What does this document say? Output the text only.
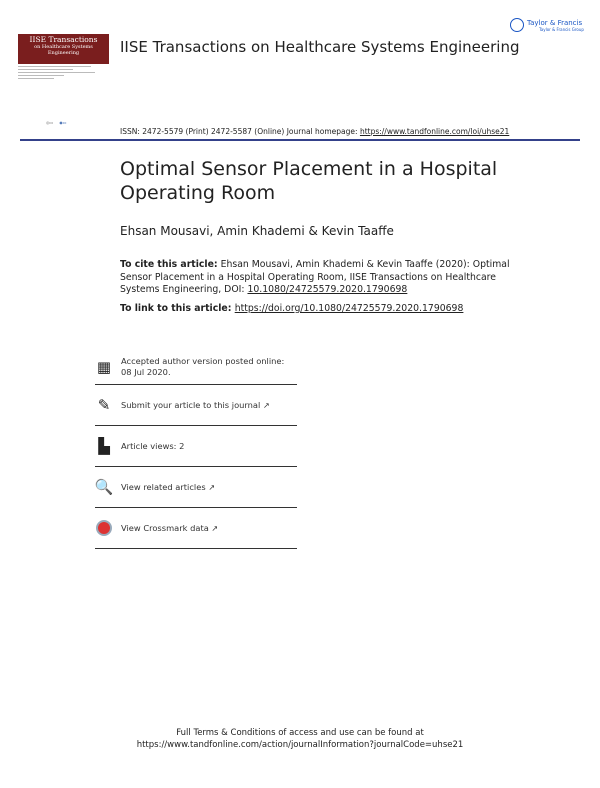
IISE Transactions
on Healthcare Systems Engineering	IISE Transactions on Healthcare Systems Engineering
Taylor & Francis
Taylor & Francis Group
◎▭ ◉▭
ISSN: 2472-5579 (Print) 2472-5587 (Online) Journal homepage: https://www.tandfonline.com/loi/uhse21
Optimal Sensor Placement in a Hospital Operating Room
Ehsan Mousavi, Amin Khademi & Kevin Taaffe
To cite this article: Ehsan Mousavi, Amin Khademi & Kevin Taaffe (2020): Optimal Sensor Placement in a Hospital Operating Room, IISE Transactions on Healthcare Systems Engineering, DOI: 10.1080/24725579.2020.1790698
To link to this article: https://doi.org/10.1080/24725579.2020.1790698
▦ Accepted author version posted online: 08 Jul 2020.
✎	Submit your article to this journal ↗
▙	Article views: 2
🔍 View related articles ↗
View Crossmark data ↗
Full Terms & Conditions of access and use can be found at
https://www.tandfonline.com/action/journalInformation?journalCode=uhse21
